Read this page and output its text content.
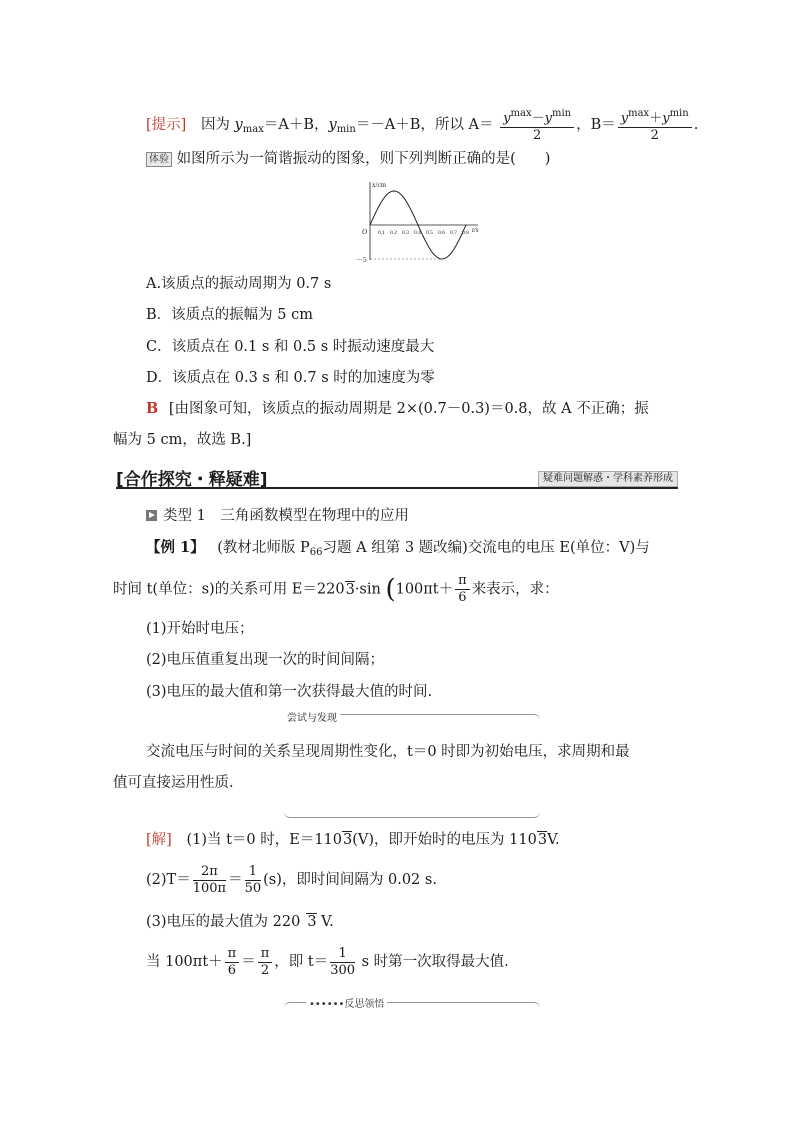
[提示] 因为 $y_{max}=A+B$，$y_{min}=-A+B$，所以 $A= \frac{y^{max}-y^{min}}{2}$ ，$B= \frac{y^{max}+y^{min}}{2}$ .
体验 如图所示为一简谐振动的图象，则下列判断正确的是(　　)
x/cm
t/s
O 0.1 0.2 0.3 0.4 0.5 0.6 0.7 0.8
－5
A.该质点的振动周期为 0.7 s
B．该质点的振幅为 5 cm
C．该质点在 0.1 s 和 0.5 s 时振动速度最大
D．该质点在 0.3 s 和 0.7 s 时的加速度为零
B [由图象可知，该质点的振动周期是 2×(0.7－0.3)＝0.8，故 A 不正确；振
幅为 5 cm，故选 B.]
[合作探究・释疑难]	疑难问题解惑・学科素养形成
类型 1　三角函数模型在物理中的应用
【例 1】 (教材北师版 $P_{66}$习题 A 组第 3 题改编)交流电的电压 E(单位：V)与
时间 t(单位：s)的关系可用 E＝2203·sin ($100\pi t+ \frac{\pi}{6}$ 来表示，求：
(1)开始时电压；
(2)电压值重复出现一次的时间间隔；
(3)电压的最大值和第一次获得最大值的时间.
尝试与发现
交流电压与时间的关系呈现周期性变化，t＝0 时即为初始电压，求周期和最
值可直接运用性质.
[解] (1)当 t＝0 时，E＝1103(V)，即开始时的电压为 1103V.
$(2)T= \frac{2\pi}{100\pi} = \frac{1}{50} (s)$，即时间间隔为 0.02 s.
(3)电压的最大值为 220 3 V.
当 $100\pi t+ \frac{\pi}{6} = \frac{\pi}{2}$ ，即 $t= \frac{1}{300}$ s 时第一次取得最大值.
••••••反思领悟
